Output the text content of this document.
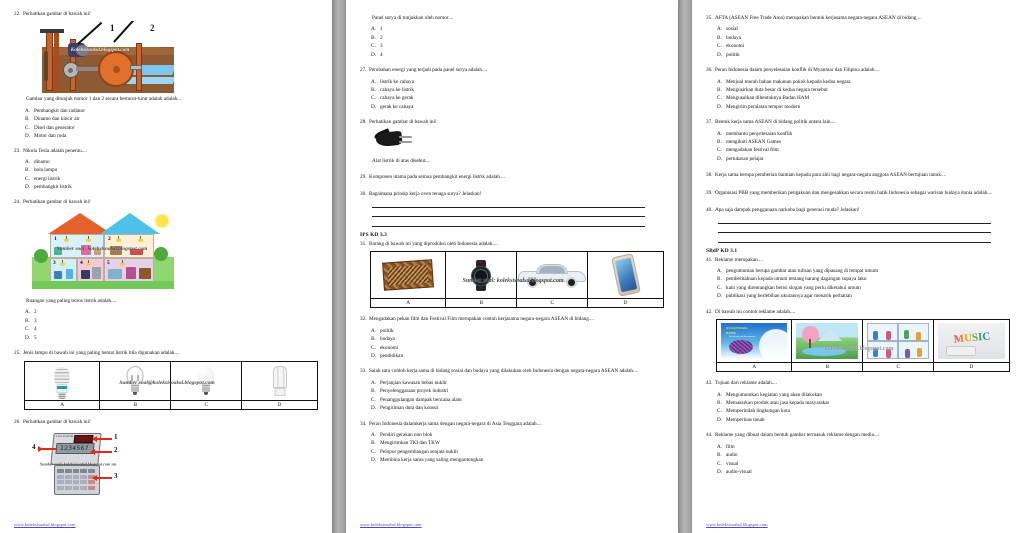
22. Perhatikan gambar di bawah ini!
1	2
Koleksisoalsd.blogspot.com
Gambar yang ditunjuk nomor 1 dan 2 secara berturut-turut adalah adalah....
A. Pembangkit dan radiator
B. Dinamo dan kincir air
C. Disel dan generator
D. Motor dan roda
23. Nikola Tesla adalah penemu....
A. dinamo
B. bola lampu
C. energi listrik
D. pembangkit listrik
24. Perhatikan gambar di bawah ini!
1	2
3	4	5
Sumber soal: koleksisoalsd.blogspot.com
Ruangan yang paling boros listrik adalah....
A. 2
B. 3
C. 4
D. 5
25. Jenis lampu di bawah ini yang paling hemat listrik bila digunakan adalah....

A	B	C	D
Sumber soal@koleksisoalsd.blogspot.com
26. Perhatikan gambar di bawah ini!
CALCULATOR
1234567
1
2
3
4
Sumber soal: koleksisoalsd.blogspot.com sm
www.koleksisoalsd.blogspot.com
Panel surya di tunjukkan oleh nomor....
A. 1
B. 2
C. 3
D. 4
27. Perubahan energi yang terjadi pada panel surya adalah....
A. listrik ke cahaya
B. cahaya ke listrik
C. cahaya ke gerak
D. gerak ke cahaya
28. Perhatikan gambar di bawah ini!
Alat listrik di atas disebut....
29. Komponen utama pada semua pembangkit energi listrik adalah....
30. Bagaimana prinsip kerja oven tenaga surya? Jelaskan!
IPS KD 3.3
31. Barang di bawah ini yang diproduksi oleh Indonesia adalah....

	AP		

A	B	C	D
Sumber soal: koleksisoalsd.blogspot.com
32. Mengadakan pekan film dan Festival Film merupakan contoh kerjasama negara-negara ASEAN di bidang....
A. politik
B. budaya
C. ekonomi
D. pendidikan
33. Salah satu contoh kerja sama di bidang sosial dan budaya yang dilakukan oleh Indonesia dengan negara-negara ASEAN adalah....
A. Perjanjian kawasan bebas nuklir
B. Penyelenggaraan proyek industri
C. Penanggulangan dampak bencana alam
D. Pengiriman duta dan konsul
34. Peran Indonesia dalamkerja sama dengan negara-negara di Asia Tenggara adalah....
A. Pendiri gerakan non blok
B. Mengirimkan TKI dan TKW
C. Pelopor pengembangan senjata nuklir
D. Membina kerja sama yang saling menguntungkan
www.koleksisoalsd.blogspot.com
35. AFTA (ASEAN Free Trade Area) merupakan bentuk kerjasama negara-negara ASEAN di bidang....
A. sosial
B. budaya
C. ekonomi
D. politik
36. Peran Indonesia dalam penyelesaian konflik di Myanmar dan Filipina adalah....
A. Menjual murah bahan makanan pokok kepada kedua negara
B. Mengusirkan duta besar di kedua negara tersebut
C. Mengusulkan dibentuknya Badan HAM
D. Mengirim peralatan tempur modern
37. Bentuk kerja sama ASEAN di bidang politik antara lain....
A. membantu penyelesaian konflik
B. mengikuti ASEAN Games
C. mengadakan festival film
D. pertukaran pelajar
38. Kerja sama berupa pemberian bantuan kepada para ahli bagi negara-negara anggota ASEAN bertujuan untuk....
39. Organisasi PBB yang memberikan pengakuan dan mengesahkan secara resmi batik Indonesia sebagai warisan budaya dunia adalah....
40. Apa saja dampak penggunaan narkoba bagi generasi muda? Jelaskan!
SBdP KD 3.1
41. Reklame merupakan....
A. pengumuman berupa gambar atau tulisan yang dipasang di tempat umum
B. pemberitahuan kepada umum tentang barang dagangan supaya laku
C. kain yang direntangkan berisi slogan yang perlu diketahui umum
D. publikasi yang berlebihan ukurannya agar menarik perhatian
42. Di bawah ini contoh reklame adalah....
NUSANTARA
BATIK
Koleksi batik asli khas nusantara			MUSIC

A	B	C	D
koleksisoalsd.blogspot.com
43. Tujuan dari reklame adalah....
A. Mengumumkan kegiatan yang akan dilakukan
B. Memasarkan produk atau jasa kepada masyarakat
C. Memperindah lingkungan kota
D. Memperluas tanah
44. Reklame yang dibuat dalam bentuk gambar termasuk reklame dengan media....
A. film
B. audio
C. visual
D. audio-visual
www.koleksisoalsd.blogspot.com
